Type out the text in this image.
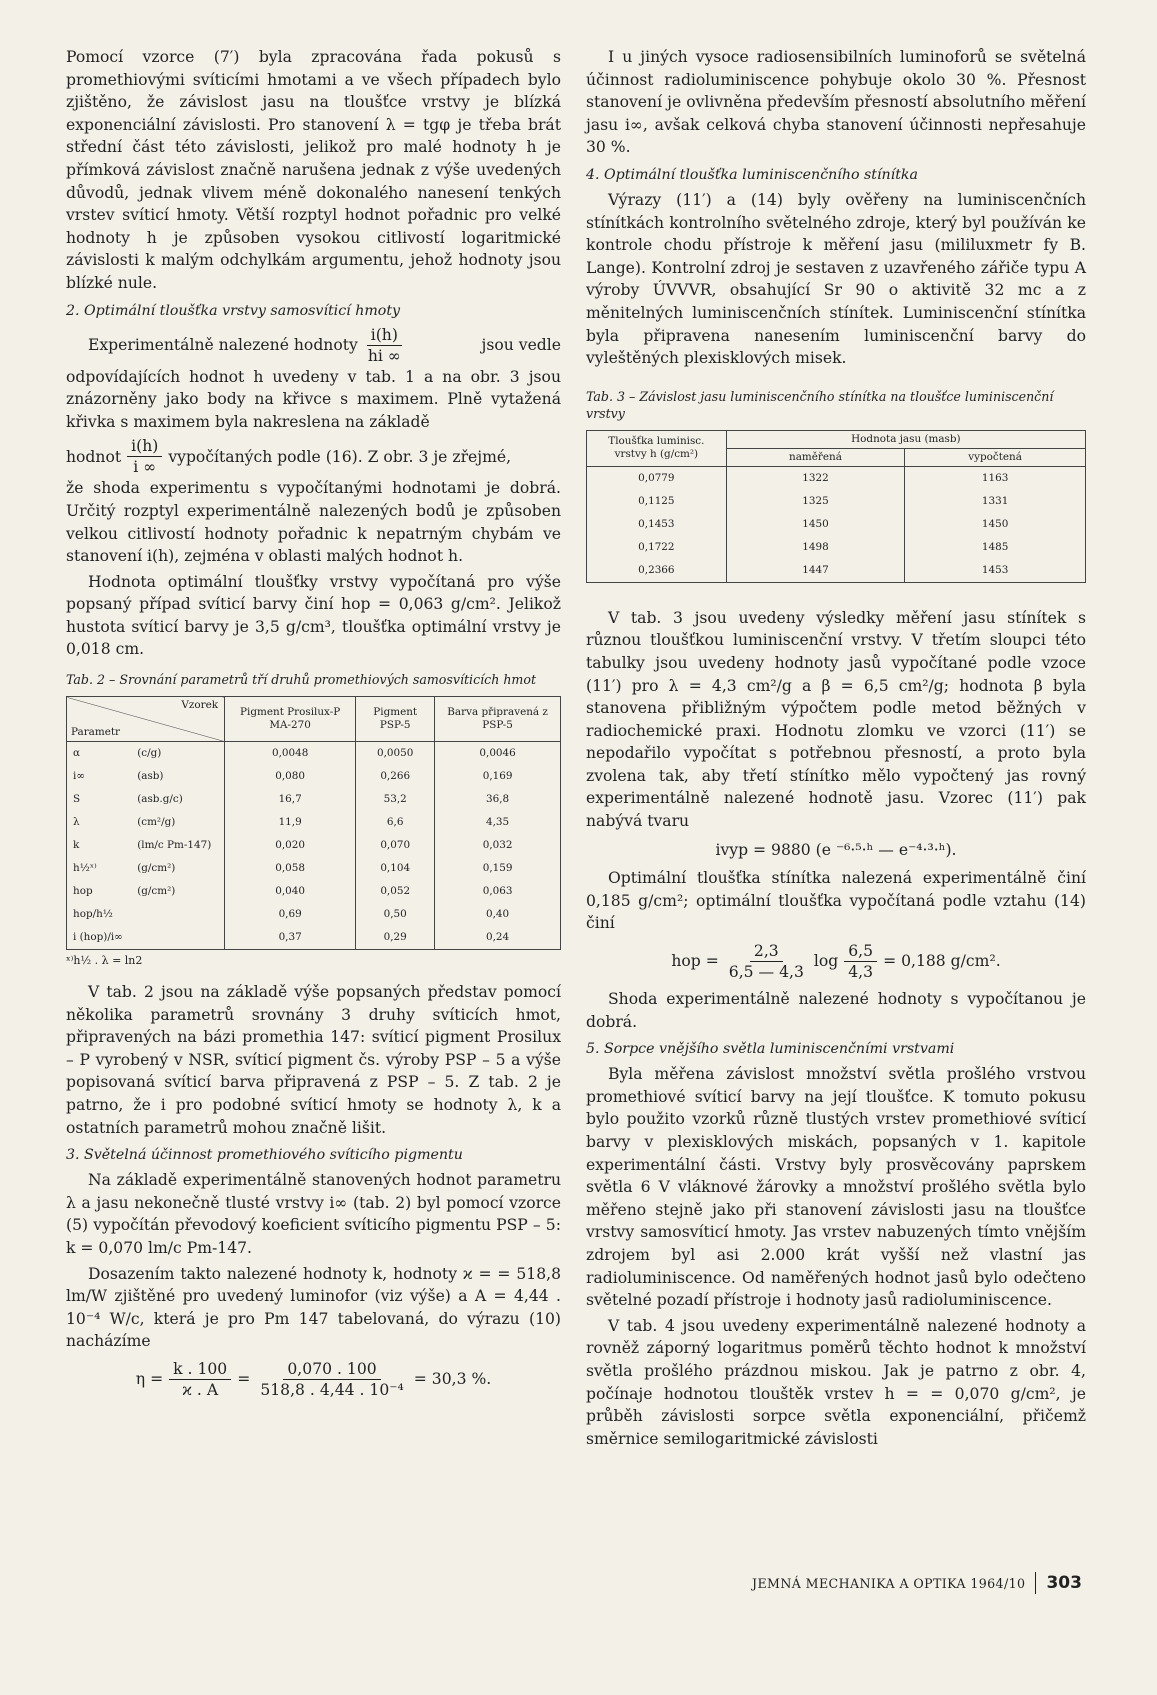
Pomocí vzorce (7′) byla zpracována řada pokusů s promethiovými svíticími hmotami a ve všech případech bylo zjištěno, že závislost jasu na tloušťce vrstvy je blízká exponenciální závislosti. Pro stanovení λ = tgφ je třeba brát střední část této závislosti, jelikož pro malé hodnoty h je přímková závislost značně narušena jednak z výše uvedených důvodů, jednak vlivem méně dokonalého nanesení tenkých vrstev svíticí hmoty. Větší rozptyl hodnot pořadnic pro velké hodnoty h je způsoben vysokou citlivostí logaritmické závislosti k malým odchylkám argumentu, jehož hodnoty jsou blízké nule.

2. Optimální tloušťka vrstvy samosvíticí hmoty
Experimentálně nalezené hodnoty $\frac{i(h)}{hi \infty}$	jsou vedle

odpovídajících hodnot h uvedeny v tab. 1 a na obr. 3 jsou znázorněny jako body na křivce s maximem. Plně vytažená křivka s maximem byla nakreslena na základě

hodnot $\frac{i(h)}{i \infty}$ vypočítaných podle (16). Z obr. 3 je zřejmé,

že shoda experimentu s vypočítanými hodnotami je dobrá. Určitý rozptyl experimentálně nalezených bodů je způsoben velkou citlivostí hodnoty pořadnic k nepatrným chybám ve stanovení i(h), zejména v oblasti malých hodnot h.

Hodnota optimální tloušťky vrstvy vypočítaná pro výše popsaný případ svíticí barvy činí hop = 0,063 g/cm². Jelikož hustota svíticí barvy je 3,5 g/cm³, tloušťka optimální vrstvy je 0,018 cm.

Tab. 2 – Srovnání parametrů tří druhů promethiových samosvíticích hmot
Vzorek
Parametr		Pigment Prosilux-P MA-270	Pigment PSP-5	Barva připravená z PSP-5
α	(c/g)	0,0048	0,0050	0,0046
i∞	(asb)	0,080	0,266	0,169
S	(asb.g/c)	16,7	53,2	36,8
λ	(cm²/g)	11,9	6,6	4,35
k	(lm/c Pm-147)	0,020	0,070	0,032
h½ˣ⁾	(g/cm²)	0,058	0,104	0,159
hop	(g/cm²)	0,040	0,052	0,063
hop/h½		0,69	0,50	0,40
i (hop)/i∞		0,37	0,29	0,24
ˣ⁾h½ . λ = ln2

V tab. 2 jsou na základě výše popsaných představ pomocí několika parametrů srovnány 3 druhy svíticích hmot, připravených na bázi promethia 147: svíticí pigment Prosilux – P vyrobený v NSR, svíticí pigment čs. výroby PSP – 5 a výše popisovaná svíticí barva připravená z PSP – 5. Z tab. 2 je patrno, že i pro podobné svíticí hmoty se hodnoty λ, k a ostatních parametrů mohou značně lišit.

3. Světelná účinnost promethiového svíticího pigmentu

Na základě experimentálně stanovených hodnot parametru λ a jasu nekonečně tlusté vrstvy i∞ (tab. 2) byl pomocí vzorce (5) vypočítán převodový koeficient svíticího pigmentu PSP – 5: k = 0,070 lm/c Pm-147.

Dosazením takto nalezené hodnoty k, hodnoty ϰ = = 518,8 lm/W zjištěné pro uvedený luminofor (viz výše) a A = 4,44 . 10⁻⁴ W/c, která je pro Pm 147 tabelovaná, do výrazu (10) nacházíme

$\eta = \frac{k . 100}{ϰ . A} = \frac{0,070 . 100}{\text{518,8 . 4,44 . 10⁻⁴}} = 30,3$ %.

I u jiných vysoce radiosensibilních luminoforů se světelná účinnost radioluminiscence pohybuje okolo 30 %. Přesnost stanovení je ovlivněna především přesností absolutního měření jasu i∞, avšak celková chyba stanovení účinnosti nepřesahuje 30 %.

4. Optimální tloušťka luminiscenčního stínítka

Výrazy (11′) a (14) byly ověřeny na luminiscenčních stínítkách kontrolního světelného zdroje, který byl používán ke kontrole chodu přístroje k měření jasu (mililuxmetr fy B. Lange). Kontrolní zdroj je sestaven z uzavřeného zářiče typu A výroby ÚVVVR, obsahující Sr 90 o aktivitě 32 mc a z měnitelných luminiscenčních stínítek. Luminiscenční stínítka byla připravena nanesením luminiscenční barvy do vyleštěných plexisklových misek.

Tab. 3 – Závislost jasu luminiscenčního stínítka na tloušťce luminiscenční vrstvy
Tloušťka luminisc. vrstvy h (g/cm²)	Hodnota jasu (masb)	
	naměřená	vypočtená
0,0779	1322	1163
0,1125	1325	1331
0,1453	1450	1450
0,1722	1498	1485
0,2366	1447	1453

V tab. 3 jsou uvedeny výsledky měření jasu stínítek s různou tloušťkou luminiscenční vrstvy. V třetím sloupci této tabulky jsou uvedeny hodnoty jasů vypočítané podle vzoce (11′) pro λ = 4,3 cm²/g a β = 6,5 cm²/g; hodnota β byla stanovena přibližným výpočtem podle metod běžných v radiochemické praxi. Hodnotu zlomku ve vzorci (11′) se nepodařilo vypočítat s potřebnou přesností, a proto byla zvolena tak, aby třetí stínítko mělo vypočtený jas rovný experimentálně nalezené hodnotě jasu. Vzorec (11′) pak nabývá tvaru

ivyp = 9880 (e ⁻⁶·⁵·ʰ — e⁻⁴·³·ʰ).

Optimální tloušťka stínítka nalezená experimentálně činí 0,185 g/cm²; optimální tloušťka vypočítaná podle vztahu (14) činí

hop = $\frac{2,3}{6,5 — 4,3}$ $\log \frac{6,5}{4,3} = 0,188$ g/cm².

Shoda experimentálně nalezené hodnoty s vypočítanou je dobrá.

5. Sorpce vnějšího světla luminiscenčními vrstvami

Byla měřena závislost množství světla prošlého vrstvou promethiové svíticí barvy na její tloušťce. K tomuto pokusu bylo použito vzorků různě tlustých vrstev promethiové svíticí barvy v plexisklových miskách, popsaných v 1. kapitole experimentální části. Vrstvy byly prosvěcovány paprskem světla 6 V vláknové žárovky a množství prošlého světla bylo měřeno stejně jako při stanovení závislosti jasu na tloušťce vrstvy samosvíticí hmoty. Jas vrstev nabuzených tímto vnějším zdrojem byl asi 2.000 krát vyšší než vlastní jas radioluminiscence. Od naměřených hodnot jasů bylo odečteno světelné pozadí přístroje i hodnoty jasů radioluminiscence.

V tab. 4 jsou uvedeny experimentálně nalezené hodnoty a rovněž záporný logaritmus poměrů těchto hodnot k množství světla prošlého prázdnou miskou. Jak je patrno z obr. 4, počínaje hodnotou tlouštěk vrstev h = = 0,070 g/cm², je průběh závislosti sorpce světla exponenciální, přičemž směrnice semilogaritmické závislosti

JEMNÁ MECHANIKA A OPTIKA 1964/10 303
